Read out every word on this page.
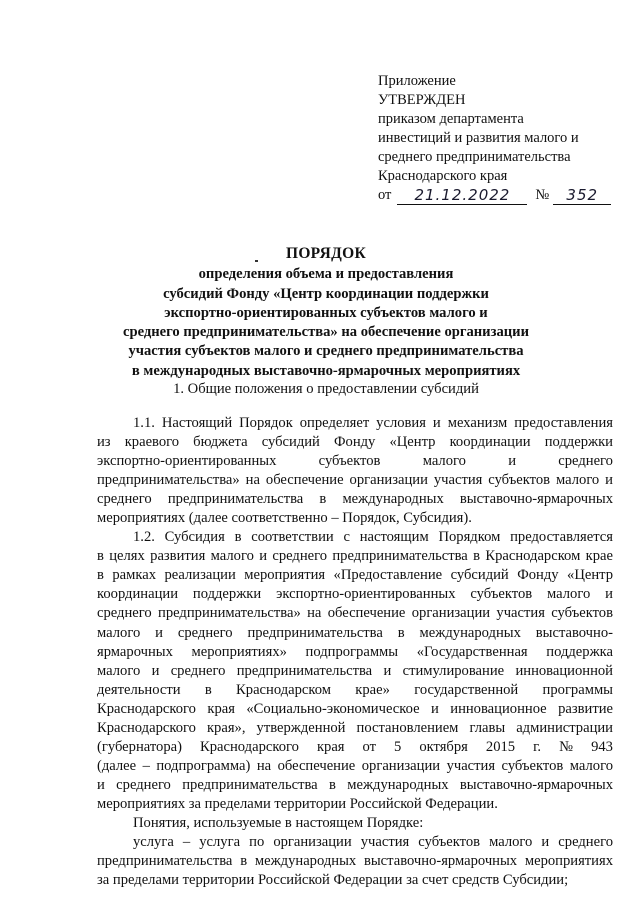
Приложение

УТВЕРЖДЕН

приказом департамента

инвестиций и развития малого и

среднего предпринимательства

Краснодарского края

от	21.12.2022	№	352

ПОРЯДОК

определения объема и предоставления

субсидий Фонду «Центр координации поддержки

экспортно-ориентированных субъектов малого и

среднего предпринимательства» на обеспечение организации

участия субъектов малого и среднего предпринимательства

в международных выставочно-ярмарочных мероприятиях

1. Общие положения о предоставлении субсидий

1.1. Настоящий Порядок определяет условия и механизм предоставления
из краевого бюджета субсидий Фонду «Центр координации поддержки
экспортно-ориентированных	субъектов	малого	и	среднего
предпринимательства» на обеспечение организации участия субъектов малого и
среднего предпринимательства в международных выставочно-ярмарочных
мероприятиях (далее соответственно – Порядок, Субсидия).
1.2. Субсидия в соответствии с настоящим Порядком предоставляется
в целях развития малого и среднего предпринимательства в Краснодарском крае
в рамках реализации мероприятия «Предоставление субсидий Фонду «Центр
координации поддержки экспортно-ориентированных субъектов малого и
среднего предпринимательства» на обеспечение организации участия субъектов
малого и среднего предпринимательства в международных выставочно-
ярмарочных мероприятиях» подпрограммы «Государственная поддержка
малого и среднего предпринимательства и стимулирование инновационной
деятельности в Краснодарском крае» государственной программы
Краснодарского края «Социально-экономическое и инновационное развитие
Краснодарского края», утвержденной постановлением главы администрации
(губернатора) Краснодарского края от 5 октября 2015 г. № 943
(далее – подпрограмма) на обеспечение организации участия субъектов малого
и среднего предпринимательства в международных выставочно-ярмарочных
мероприятиях за пределами территории Российской Федерации.
Понятия, используемые в настоящем Порядке:
услуга – услуга по организации участия субъектов малого и среднего
предпринимательства в международных выставочно-ярмарочных мероприятиях
за пределами территории Российской Федерации за счет средств Субсидии;
